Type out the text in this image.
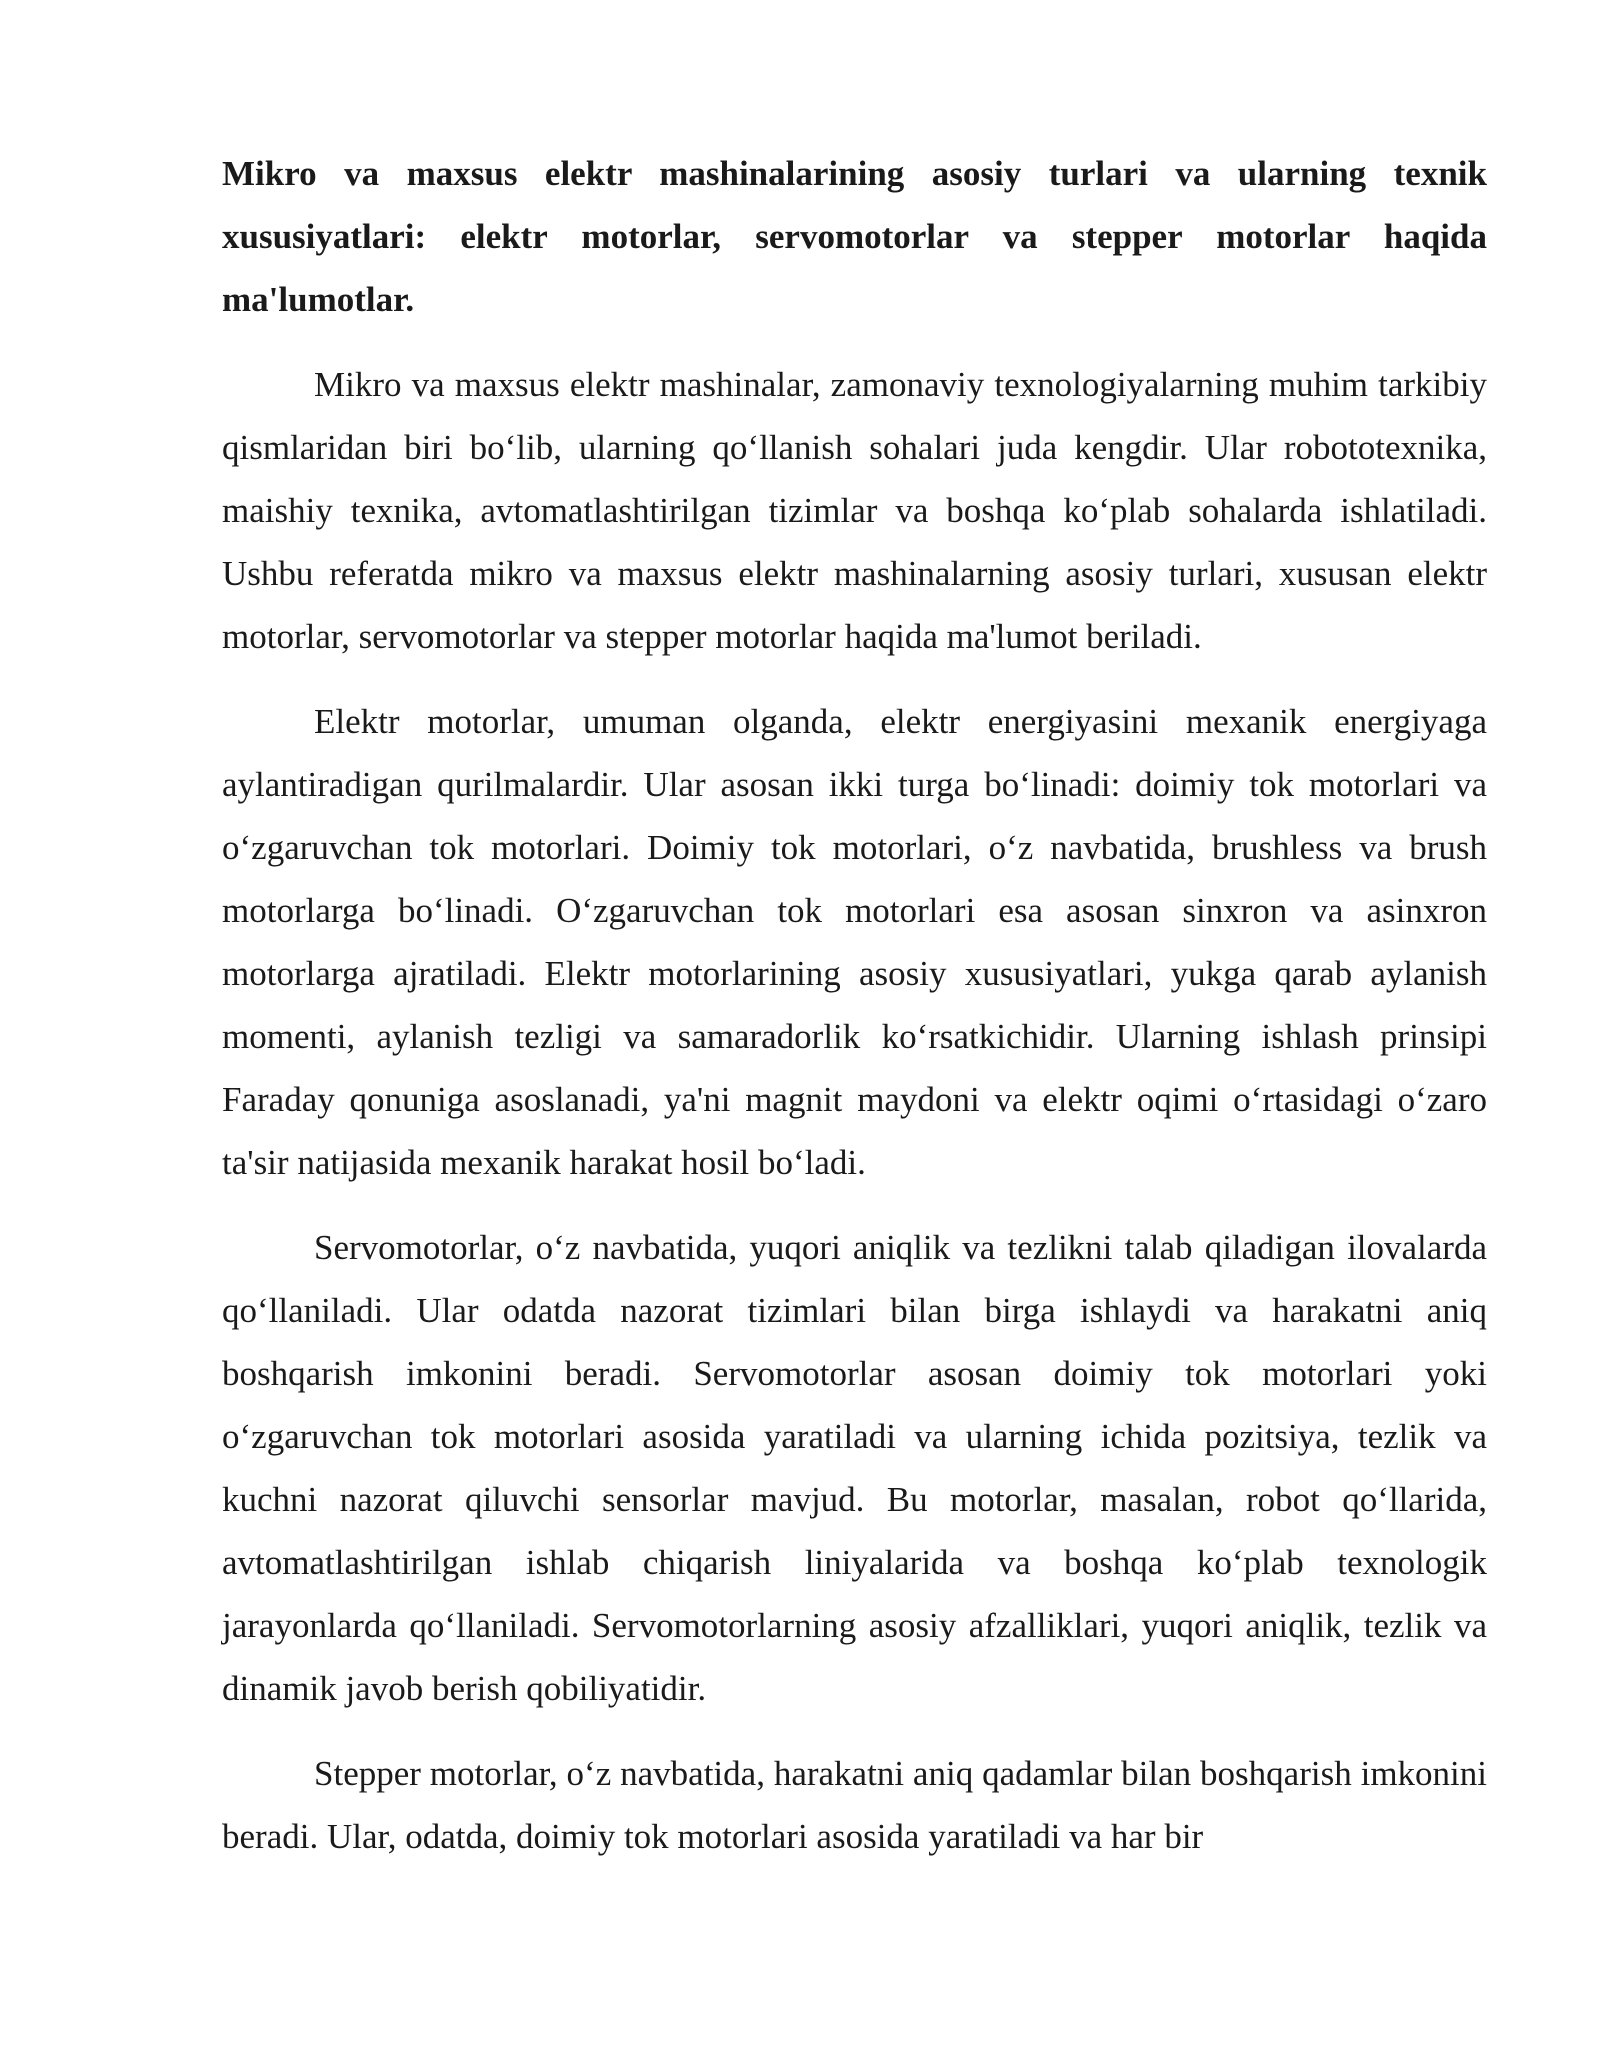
Mikro va maxsus elektr mashinalarining asosiy turlari va ularning texnik xususiyatlari: elektr motorlar, servomotorlar va stepper motorlar haqida ma'lumotlar.

Mikro va maxsus elektr mashinalar, zamonaviy texnologiyalarning muhim tarkibiy qismlaridan biri bo‘lib, ularning qo‘llanish sohalari juda kengdir. Ular robototexnika, maishiy texnika, avtomatlashtirilgan tizimlar va boshqa ko‘plab sohalarda ishlatiladi. Ushbu referatda mikro va maxsus elektr mashinalarning asosiy turlari, xususan elektr motorlar, servomotorlar va stepper motorlar haqida ma'lumot beriladi.

Elektr motorlar, umuman olganda, elektr energiyasini mexanik energiyaga aylantiradigan qurilmalardir. Ular asosan ikki turga bo‘linadi: doimiy tok motorlari va o‘zgaruvchan tok motorlari. Doimiy tok motorlari, o‘z navbatida, brushless va brush motorlarga bo‘linadi. O‘zgaruvchan tok motorlari esa asosan sinxron va asinxron motorlarga ajratiladi. Elektr motorlarining asosiy xususiyatlari, yukga qarab aylanish momenti, aylanish tezligi va samaradorlik ko‘rsatkichidir. Ularning ishlash prinsipi Faraday qonuniga asoslanadi, ya'ni magnit maydoni va elektr oqimi o‘rtasidagi o‘zaro ta'sir natijasida mexanik harakat hosil bo‘ladi.

Servomotorlar, o‘z navbatida, yuqori aniqlik va tezlikni talab qiladigan ilovalarda qo‘llaniladi. Ular odatda nazorat tizimlari bilan birga ishlaydi va harakatni aniq boshqarish imkonini beradi. Servomotorlar asosan doimiy tok motorlari yoki o‘zgaruvchan tok motorlari asosida yaratiladi va ularning ichida pozitsiya, tezlik va kuchni nazorat qiluvchi sensorlar mavjud. Bu motorlar, masalan, robot qo‘llarida, avtomatlashtirilgan ishlab chiqarish liniyalarida va boshqa ko‘plab texnologik jarayonlarda qo‘llaniladi. Servomotorlarning asosiy afzalliklari, yuqori aniqlik, tezlik va dinamik javob berish qobiliyatidir.

Stepper motorlar, o‘z navbatida, harakatni aniq qadamlar bilan boshqarish imkonini beradi. Ular, odatda, doimiy tok motorlari asosida yaratiladi va har bir
